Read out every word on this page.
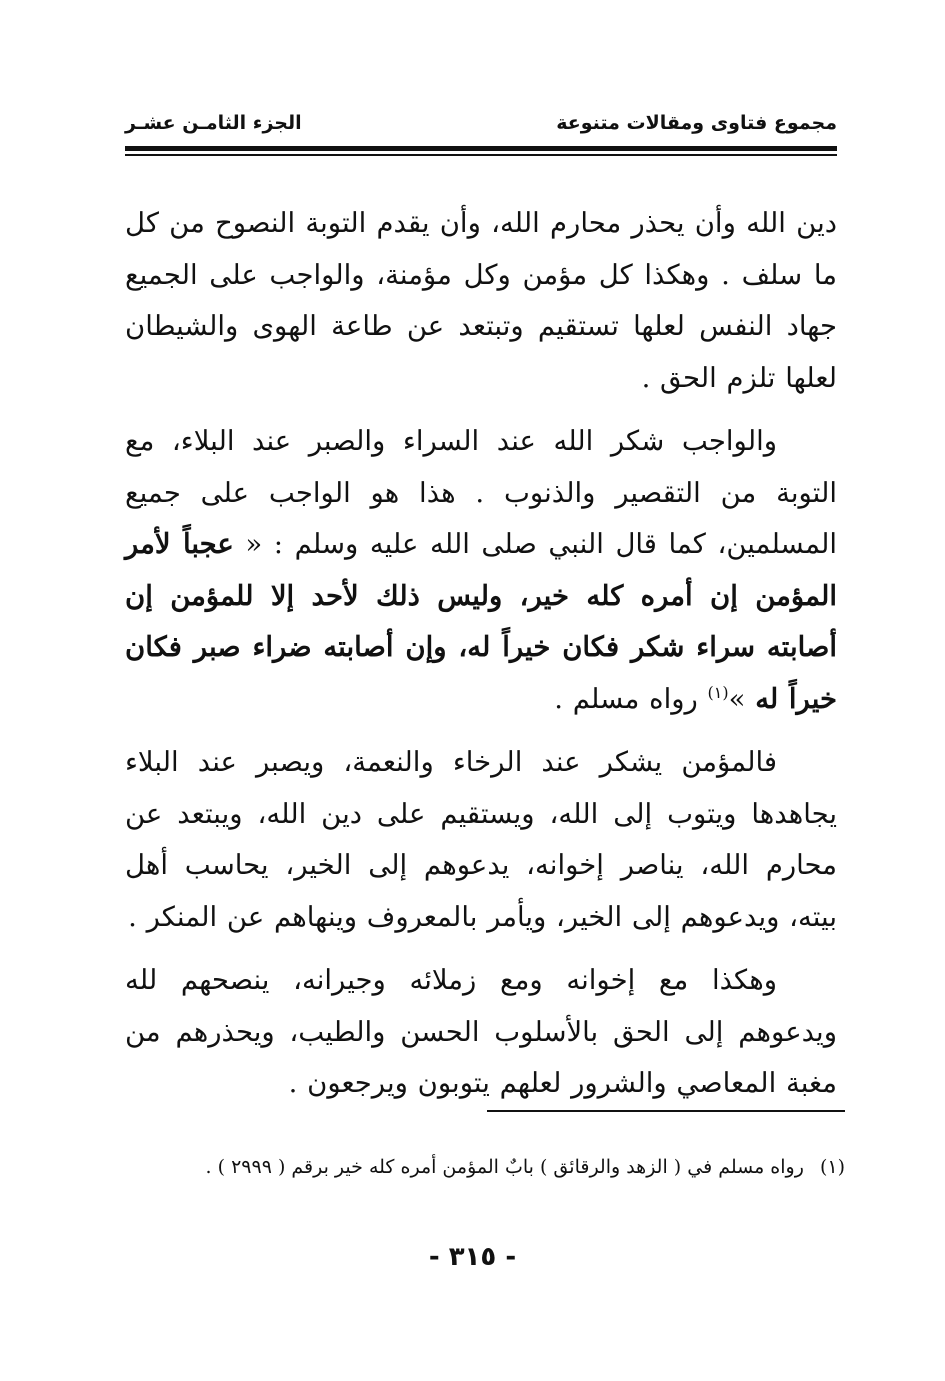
مجموع فتاوى ومقالات متنوعة
الجزء الثامـن عشـر

دين الله وأن يحذر محارم الله، وأن يقدم التوبة النصوح من كل ما سلف . وهكذا كل مؤمن وكل مؤمنة، والواجب على الجميع جهاد النفس لعلها تستقيم وتبتعد عن طاعة الهوى والشيطان لعلها تلزم الحق .

والواجب شكر الله عند السراء والصبر عند البلاء، مع التوبة من التقصير والذنوب . هذا هو الواجب على جميع المسلمين، كما قال النبي صلى الله عليه وسلم : « عجباً لأمر المؤمن إن أمره كله خير، وليس ذلك لأحد إلا للمؤمن إن أصابته سراء شكر فكان خيراً له، وإن أصابته ضراء صبر فكان خيراً له »$^{(١)}$ رواه مسلم .

فالمؤمن يشكر عند الرخاء والنعمة، ويصبر عند البلاء يجاهدها ويتوب إلى الله، ويستقيم على دين الله، ويبتعد عن محارم الله، يناصر إخوانه، يدعوهم إلى الخير، يحاسب أهل بيته، ويدعوهم إلى الخير، ويأمر بالمعروف وينهاهم عن المنكر .

وهكذا مع إخوانه ومع زملائه وجيرانه، ينصحهم لله ويدعوهم إلى الحق بالأسلوب الحسن والطيب، ويحذرهم من مغبة المعاصي والشرور لعلهم يتوبون ويرجعون .

(١) رواه مسلم في ( الزهد والرقائق ) بابٌ المؤمن أمره كله خير برقم ( ٢٩٩٩ ) .
- ٣١٥ -
